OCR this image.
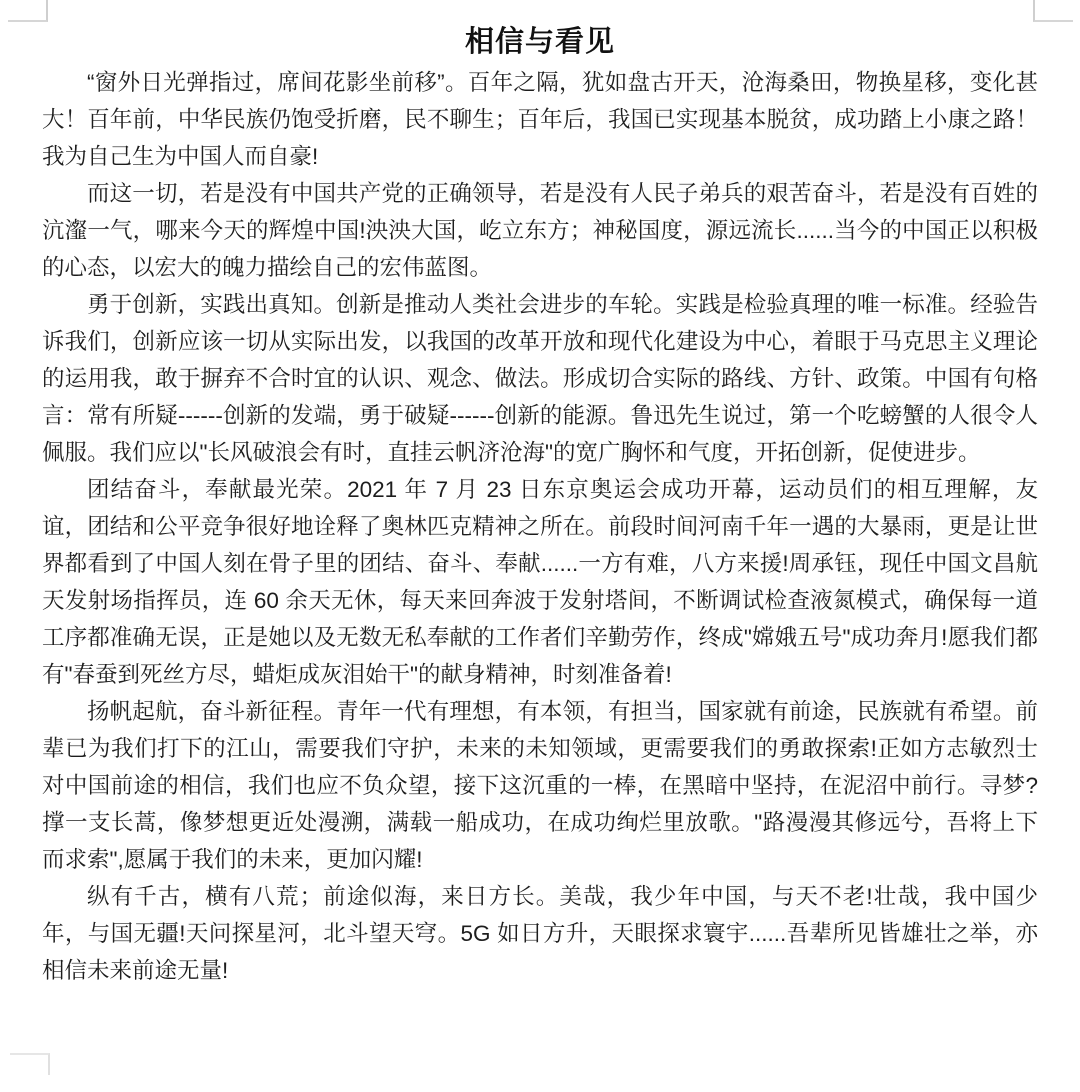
相信与看见

“窗外日光弹指过，席间花影坐前移”。百年之隔，犹如盘古开天，沧海桑田，物换星移，变化甚大！百年前，中华民族仍饱受折磨，民不聊生；百年后，我国已实现基本脱贫，成功踏上小康之路！我为自己生为中国人而自豪!

而这一切，若是没有中国共产党的正确领导，若是没有人民子弟兵的艰苦奋斗，若是没有百姓的沆瀣一气，哪来今天的辉煌中国!泱泱大国，屹立东方；神秘国度，源远流长......当今的中国正以积极的心态，以宏大的魄力描绘自己的宏伟蓝图。

勇于创新，实践出真知。创新是推动人类社会进步的车轮。实践是检验真理的唯一标准。经验告诉我们，创新应该一切从实际出发，以我国的改革开放和现代化建设为中心，着眼于马克思主义理论的运用我，敢于摒弃不合时宜的认识、观念、做法。形成切合实际的路线、方针、政策。中国有句格言：常有所疑------创新的发端，勇于破疑------创新的能源。鲁迅先生说过，第一个吃螃蟹的人很令人佩服。我们应以"长风破浪会有时，直挂云帆济沧海"的宽广胸怀和气度，开拓创新，促使进步。

团结奋斗，奉献最光荣。2021 年 7 月 23 日东京奥运会成功开幕，运动员们的相互理解，友谊，团结和公平竞争很好地诠释了奥林匹克精神之所在。前段时间河南千年一遇的大暴雨，更是让世界都看到了中国人刻在骨子里的团结、奋斗、奉献......一方有难，八方来援!周承钰，现任中国文昌航天发射场指挥员，连 60 余天无休，每天来回奔波于发射塔间，不断调试检查液氮模式，确保每一道工序都准确无误，正是她以及无数无私奉献的工作者们辛勤劳作，终成"嫦娥五号"成功奔月!愿我们都有"春蚕到死丝方尽，蜡炬成灰泪始干"的献身精神，时刻准备着!

扬帆起航，奋斗新征程。青年一代有理想，有本领，有担当，国家就有前途，民族就有希望。前辈已为我们打下的江山，需要我们守护，未来的未知领域，更需要我们的勇敢探索!正如方志敏烈士对中国前途的相信，我们也应不负众望，接下这沉重的一棒，在黑暗中坚持，在泥沼中前行。寻梦?撑一支长蒿，像梦想更近处漫溯，满载一船成功，在成功绚烂里放歌。"路漫漫其修远兮，吾将上下而求索",愿属于我们的未来，更加闪耀!

纵有千古，横有八荒；前途似海，来日方长。美哉，我少年中国，与天不老!壮哉，我中国少年，与国无疆!天问探星河，北斗望天穹。5G 如日方升，天眼探求寰宇......吾辈所见皆雄壮之举，亦相信未来前途无量!
